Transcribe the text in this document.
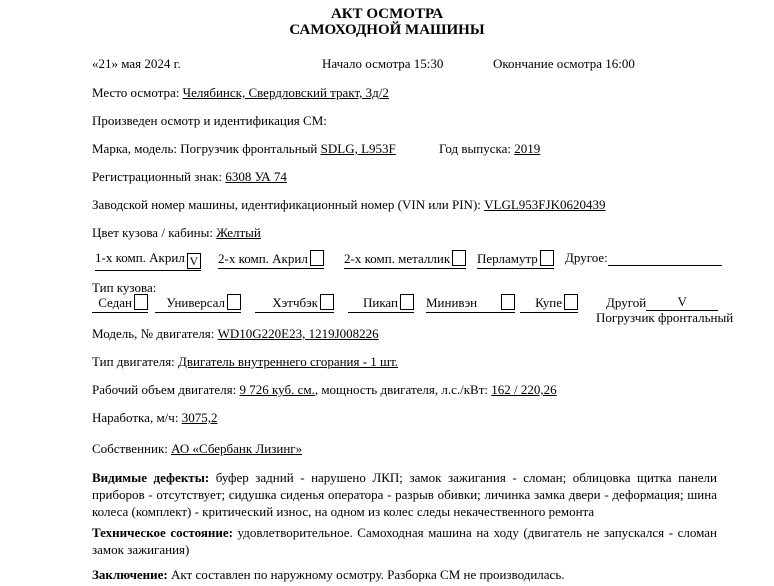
АКТ ОСМОТРА
САМОХОДНОЙ МАШИНЫ
«21» мая 2024 г.	Начало осмотра 15:30	Окончание осмотра 16:00
Место осмотра: Челябинск, Свердловский тракт, 3д/2
Произведен осмотр и идентификация СМ:
Марка, модель: Погрузчик фронтальный SDLG, L953F	Год выпуска: 2019
Регистрационный знак: 6308 УА 74
Заводской номер машины, идентификационный номер (VIN или PIN): VLGL953FJK0620439
Цвет кузова / кабины: Желтый
1-х комп. Акрил V 2-х комп. Акрил	2-х комп. металлик	Перламутр	Другое:
Тип кузова:
Седан	Универсал	Хэтчбэк	Пикап	Минивэн	Купе	Другой V
Погрузчик фронтальный
Модель, № двигателя: WD10G220E23, 1219J008226
Тип двигателя: Двигатель внутреннего сгорания - 1 шт.
Рабочий объем двигателя: 9 726 куб. см., мощность двигателя, л.с./кВт: 162 / 220,26
Наработка, м/ч: 3075,2
Собственник: АО «Сбербанк Лизинг»
Видимые дефекты: буфер задний - нарушено ЛКП; замок зажигания - сломан; облицовка щитка панели приборов - отсутствует; сидушка сиденья оператора - разрыв обивки; личинка замка двери - деформация; шина колеса (комплект) - критический износ, на одном из колес следы некачественного ремонта
Техническое состояние: удовлетворительное. Самоходная машина на ходу (двигатель не запускался - сломан замок зажигания)
Заключение: Акт составлен по наружному осмотру. Разборка СМ не производилась.
